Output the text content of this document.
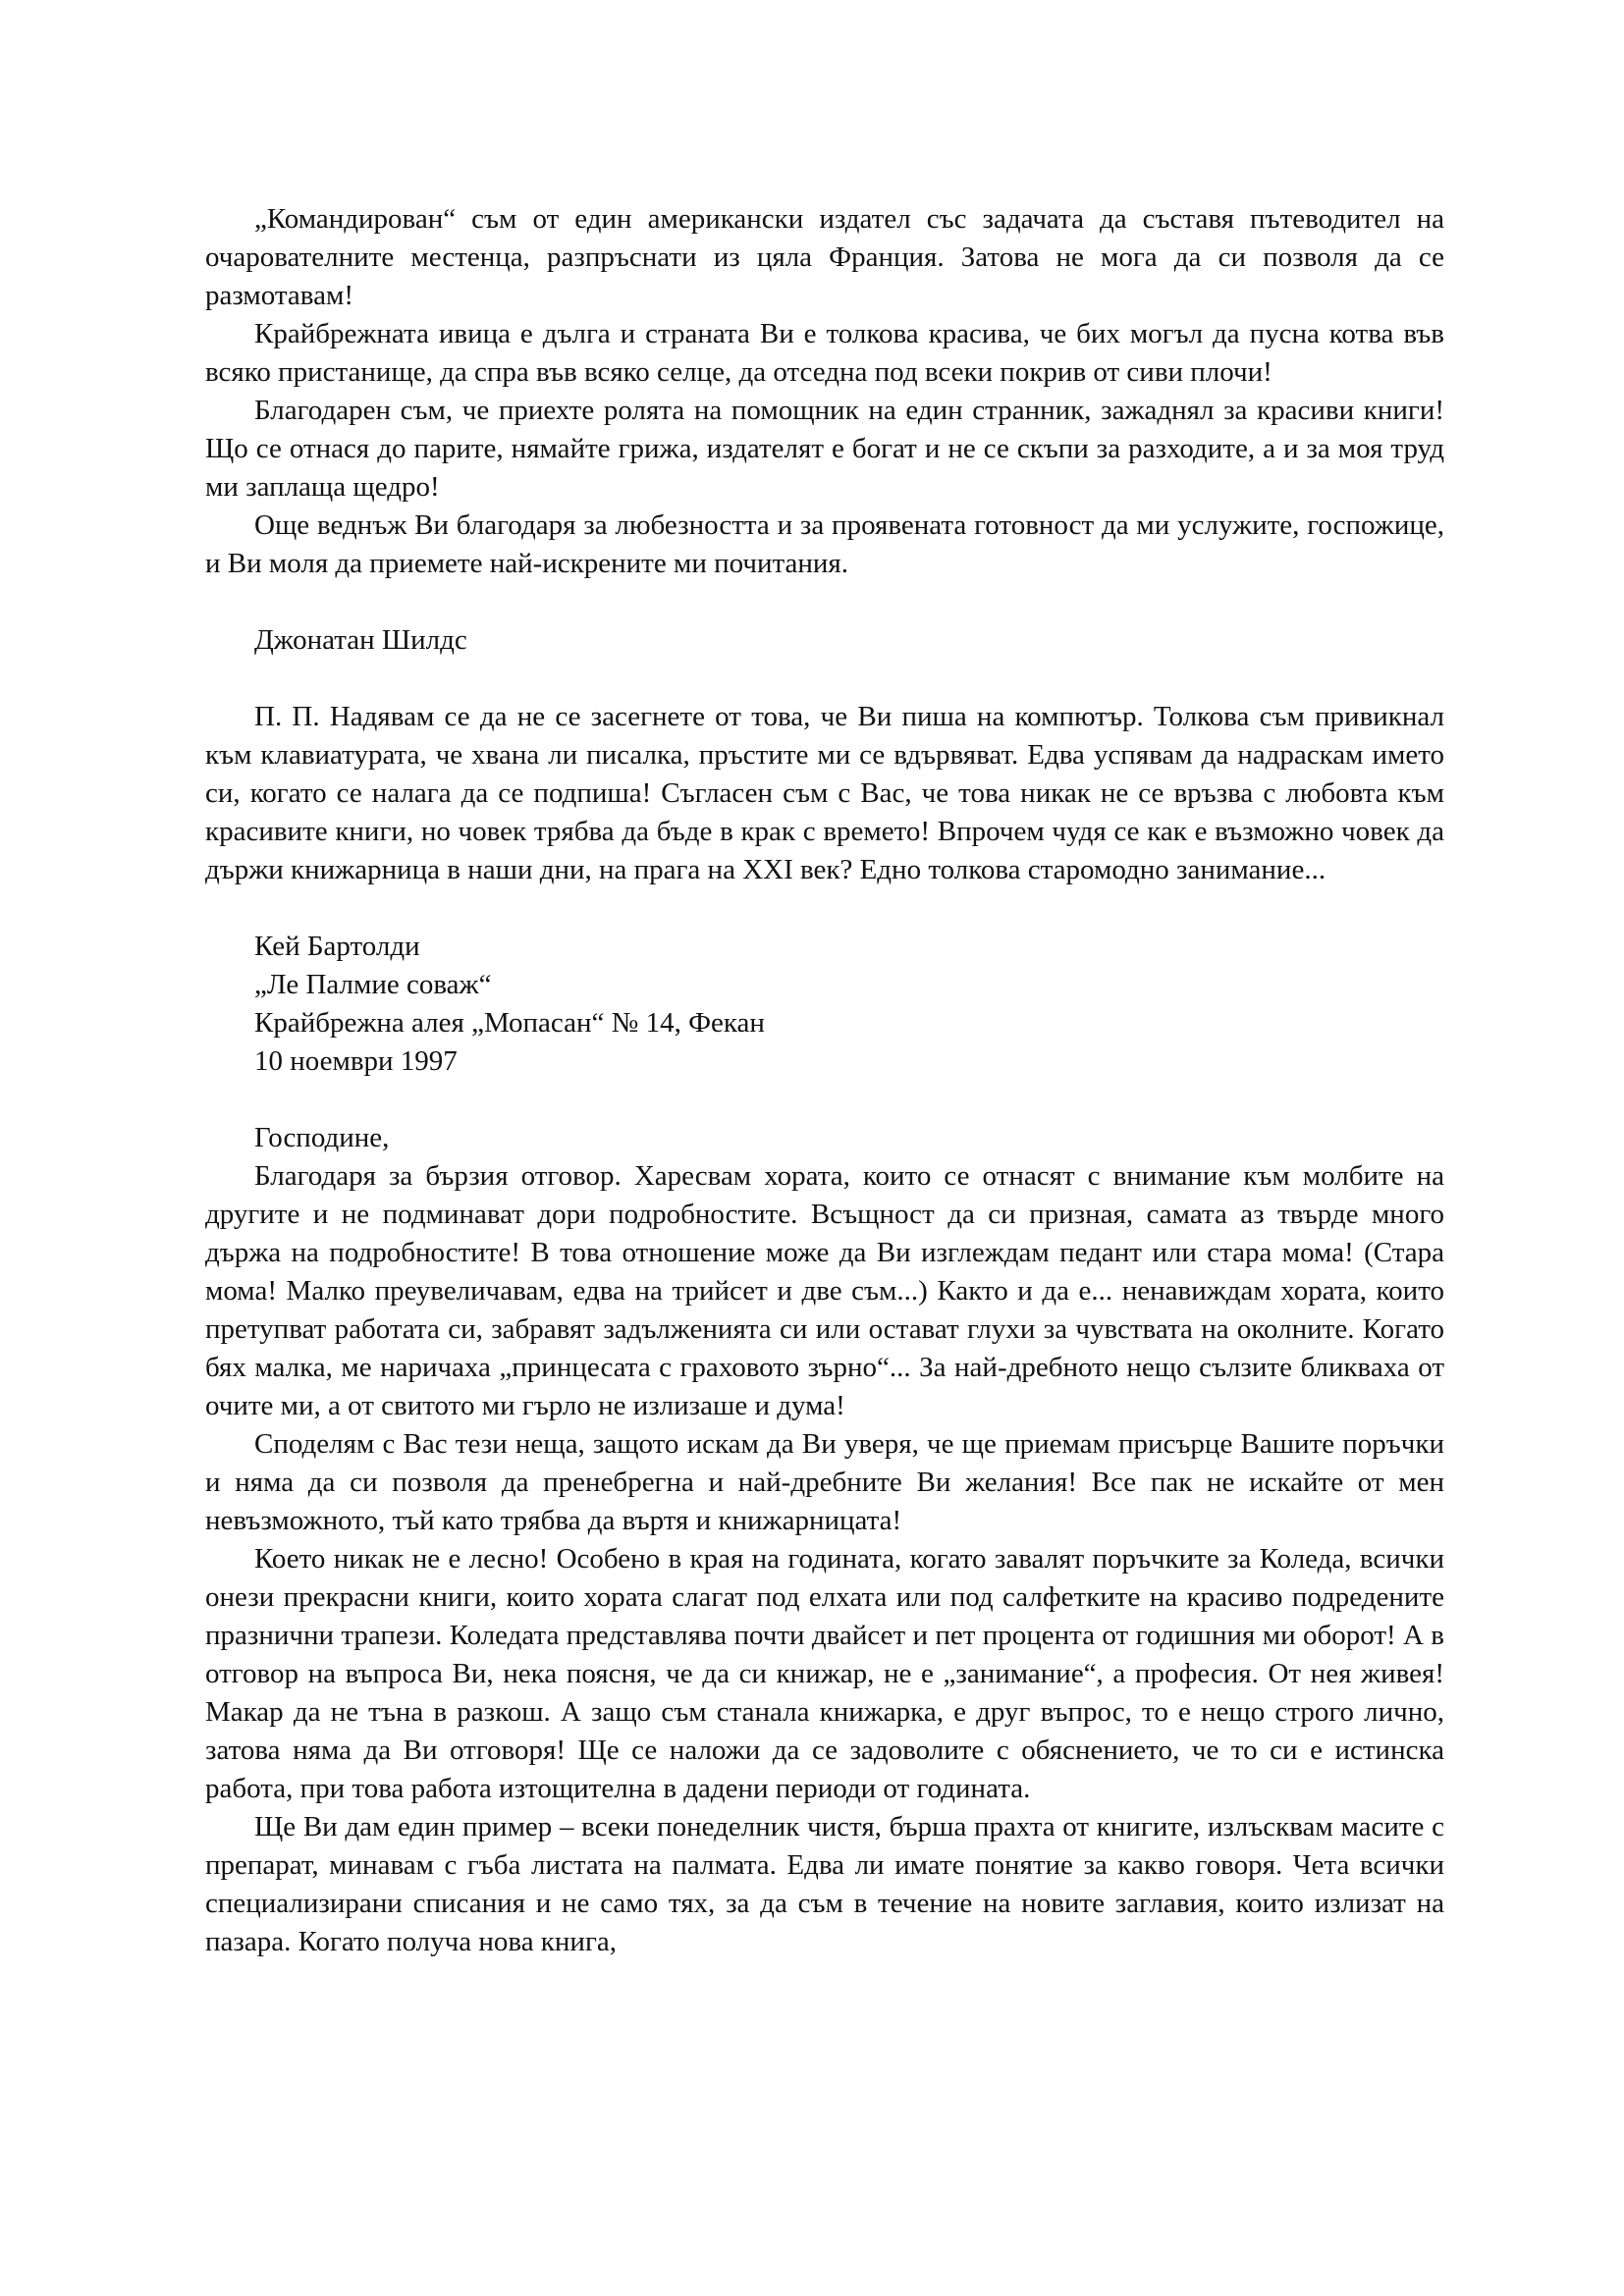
„Командирован“ съм от един американски издател със задачата да съставя пътеводител на очарователните местенца, разпръснати из цяла Франция. Затова не мога да си позволя да се размотавам!

Крайбрежната ивица е дълга и страната Ви е толкова красива, че бих могъл да пусна котва във всяко пристанище, да спра във всяко селце, да отседна под всеки покрив от сиви плочи!

Благодарен съм, че приехте ролята на помощник на един странник, зажаднял за красиви книги! Що се отнася до парите, нямайте грижа, издателят е богат и не се скъпи за разходите, а и за моя труд ми заплаща щедро!

Още веднъж Ви благодаря за любезността и за проявената готовност да ми услужите, госпожице, и Ви моля да приемете най-искрените ми почитания.

Джонатан Шилдс

П. П. Надявам се да не се засегнете от това, че Ви пиша на компютър. Толкова съм привикнал към клавиатурата, че хвана ли писалка, пръстите ми се вдървяват. Едва успявам да надраскам името си, когато се налага да се подпиша! Съгласен съм с Вас, че това никак не се връзва с любовта към красивите книги, но човек трябва да бъде в крак с времето! Впрочем чудя се как е възможно човек да държи книжарница в наши дни, на прага на XXI век? Едно толкова старомодно занимание...

Кей Бартолди

„Ле Палмие соваж“

Крайбрежна алея „Мопасан“ № 14, Фекан

10 ноември 1997

Господине,

Благодаря за бързия отговор. Харесвам хората, които се отнасят с внимание към молбите на другите и не подминават дори подробностите. Всъщност да си призная, самата аз твърде много държа на подробностите! В това отношение може да Ви изглеждам педант или стара мома! (Стара мома! Малко преувеличавам, едва на трийсет и две съм...) Както и да е... ненавиждам хората, които претупват работата си, забравят задълженията си или остават глухи за чувствата на околните. Когато бях малка, ме наричаха „принцесата с граховото зърно“... За най-дребното нещо сълзите бликваха от очите ми, а от свитото ми гърло не излизаше и дума!

Споделям с Вас тези неща, защото искам да Ви уверя, че ще приемам присърце Вашите поръчки и няма да си позволя да пренебрегна и най-дребните Ви желания! Все пак не искайте от мен невъзможното, тъй като трябва да въртя и книжарницата!

Което никак не е лесно! Особено в края на годината, когато завалят поръчките за Коледа, всички онези прекрасни книги, които хората слагат под елхата или под салфетките на красиво подредените празнични трапези. Коледата представлява почти двайсет и пет процента от годишния ми оборот! А в отговор на въпроса Ви, нека поясня, че да си книжар, не е „занимание“, а професия. От нея живея! Макар да не тъна в разкош. А защо съм станала книжарка, е друг въпрос, то е нещо строго лично, затова няма да Ви отговоря! Ще се наложи да се задоволите с обяснението, че то си е истинска работа, при това работа изтощителна в дадени периоди от годината.

Ще Ви дам един пример – всеки понеделник чистя, бърша прахта от книгите, излъсквам масите с препарат, минавам с гъба листата на палмата. Едва ли имате понятие за какво говоря. Чета всички специализирани списания и не само тях, за да съм в течение на новите заглавия, които излизат на пазара. Когато получа нова книга,
